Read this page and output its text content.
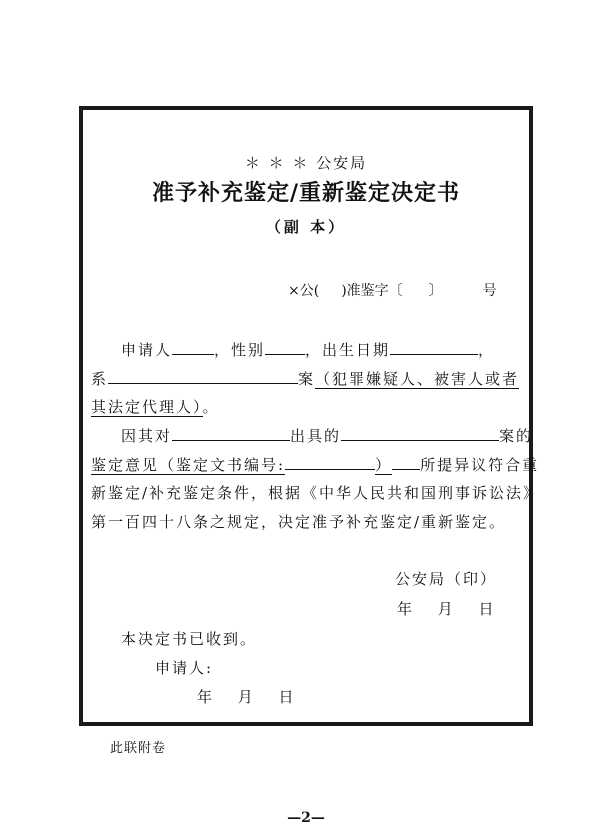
＊ ＊ ＊ 公安局
准予补充鉴定/重新鉴定决定书
（副 本）
×公( )准鉴字〔 〕	号
申请人	，性别	，出生日期	，
系	案（犯罪嫌疑人、被害人或者
其法定代理人）。
因其对	出具的	案的
鉴定意见（鉴定文书编号:	） 所提异议符合重
新鉴定/补充鉴定条件，根据《中华人民共和国刑事诉讼法》
第一百四十八条之规定，决定准予补充鉴定/重新鉴定。
公安局（印）
年　 月　 日
本决定书已收到。
申请人:
年　 月　 日
此联附卷
—2—
